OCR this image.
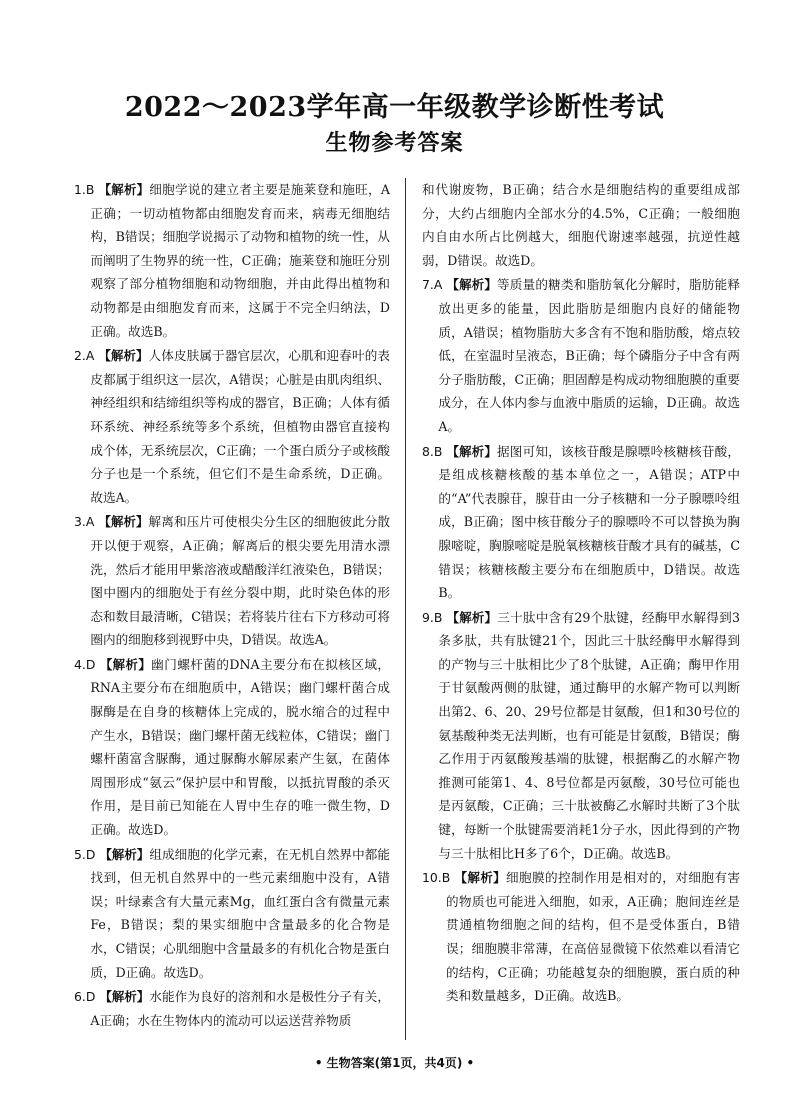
2022～2023学年高一年级教学诊断性考试
生物参考答案

1.B 【解析】细胞学说的建立者主要是施莱登和施旺，A正确；一切动植物都由细胞发育而来，病毒无细胞结构，B错误；细胞学说揭示了动物和植物的统一性，从而阐明了生物界的统一性，C正确；施莱登和施旺分别观察了部分植物细胞和动物细胞，并由此得出植物和动物都是由细胞发育而来，这属于不完全归纳法，D正确。故选B。

2.A 【解析】人体皮肤属于器官层次，心肌和迎春叶的表皮都属于组织这一层次，A错误；心脏是由肌肉组织、神经组织和结缔组织等构成的器官，B正确；人体有循环系统、神经系统等多个系统，但植物由器官直接构成个体，无系统层次，C正确；一个蛋白质分子或核酸分子也是一个系统，但它们不是生命系统，D正确。故选A。

3.A 【解析】解离和压片可使根尖分生区的细胞彼此分散开以便于观察，A正确；解离后的根尖要先用清水漂洗，然后才能用甲紫溶液或醋酸洋红液染色，B错误；图中圈内的细胞处于有丝分裂中期，此时染色体的形态和数目最清晰，C错误；若将装片往右下方移动可将圈内的细胞移到视野中央，D错误。故选A。

4.D 【解析】幽门螺杆菌的DNA主要分布在拟核区域，RNA主要分布在细胞质中，A错误；幽门螺杆菌合成脲酶是在自身的核糖体上完成的，脱水缩合的过程中产生水，B错误；幽门螺杆菌无线粒体，C错误；幽门螺杆菌富含脲酶，通过脲酶水解尿素产生氨，在菌体周围形成“氨云”保护层中和胃酸，以抵抗胃酸的杀灭作用，是目前已知能在人胃中生存的唯一微生物，D正确。故选D。

5.D 【解析】组成细胞的化学元素，在无机自然界中都能找到，但无机自然界中的一些元素细胞中没有，A错误；叶绿素含有大量元素Mg，血红蛋白含有微量元素Fe，B错误；梨的果实细胞中含量最多的化合物是水，C错误；心肌细胞中含量最多的有机化合物是蛋白质，D正确。故选D。

6.D 【解析】水能作为良好的溶剂和水是极性分子有关，A正确；水在生物体内的流动可以运送营养物质

和代谢废物，B正确；结合水是细胞结构的重要组成部分，大约占细胞内全部水分的4.5%，C正确；一般细胞内自由水所占比例越大，细胞代谢速率越强，抗逆性越弱，D错误。故选D。

7.A 【解析】等质量的糖类和脂肪氧化分解时，脂肪能释放出更多的能量，因此脂肪是细胞内良好的储能物质，A错误；植物脂肪大多含有不饱和脂肪酸，熔点较低，在室温时呈液态，B正确；每个磷脂分子中含有两分子脂肪酸，C正确；胆固醇是构成动物细胞膜的重要成分，在人体内参与血液中脂质的运输，D正确。故选A。

8.B 【解析】据图可知，该核苷酸是腺嘌呤核糖核苷酸，是组成核糖核酸的基本单位之一，A错误；ATP中的“A”代表腺苷，腺苷由一分子核糖和一分子腺嘌呤组成，B正确；图中核苷酸分子的腺嘌呤不可以替换为胸腺嘧啶，胸腺嘧啶是脱氧核糖核苷酸才具有的碱基，C错误；核糖核酸主要分布在细胞质中，D错误。故选B。

9.B 【解析】三十肽中含有29个肽键，经酶甲水解得到3条多肽，共有肽键21个，因此三十肽经酶甲水解得到的产物与三十肽相比少了8个肽键，A正确；酶甲作用于甘氨酸两侧的肽键，通过酶甲的水解产物可以判断出第2、6、20、29号位都是甘氨酸，但1和30号位的氨基酸种类无法判断，也有可能是甘氨酸，B错误；酶乙作用于丙氨酸羧基端的肽键，根据酶乙的水解产物推测可能第1、4、8号位都是丙氨酸，30号位可能也是丙氨酸，C正确；三十肽被酶乙水解时共断了3个肽键，每断一个肽键需要消耗1分子水，因此得到的产物与三十肽相比H多了6个，D正确。故选B。

10.B 【解析】细胞膜的控制作用是相对的，对细胞有害的物质也可能进入细胞，如汞，A正确；胞间连丝是贯通植物细胞之间的结构，但不是受体蛋白，B错误；细胞膜非常薄，在高倍显微镜下依然难以看清它的结构，C正确；功能越复杂的细胞膜，蛋白质的种类和数量越多，D正确。故选B。

• 生物答案(第1页，共4页) •
